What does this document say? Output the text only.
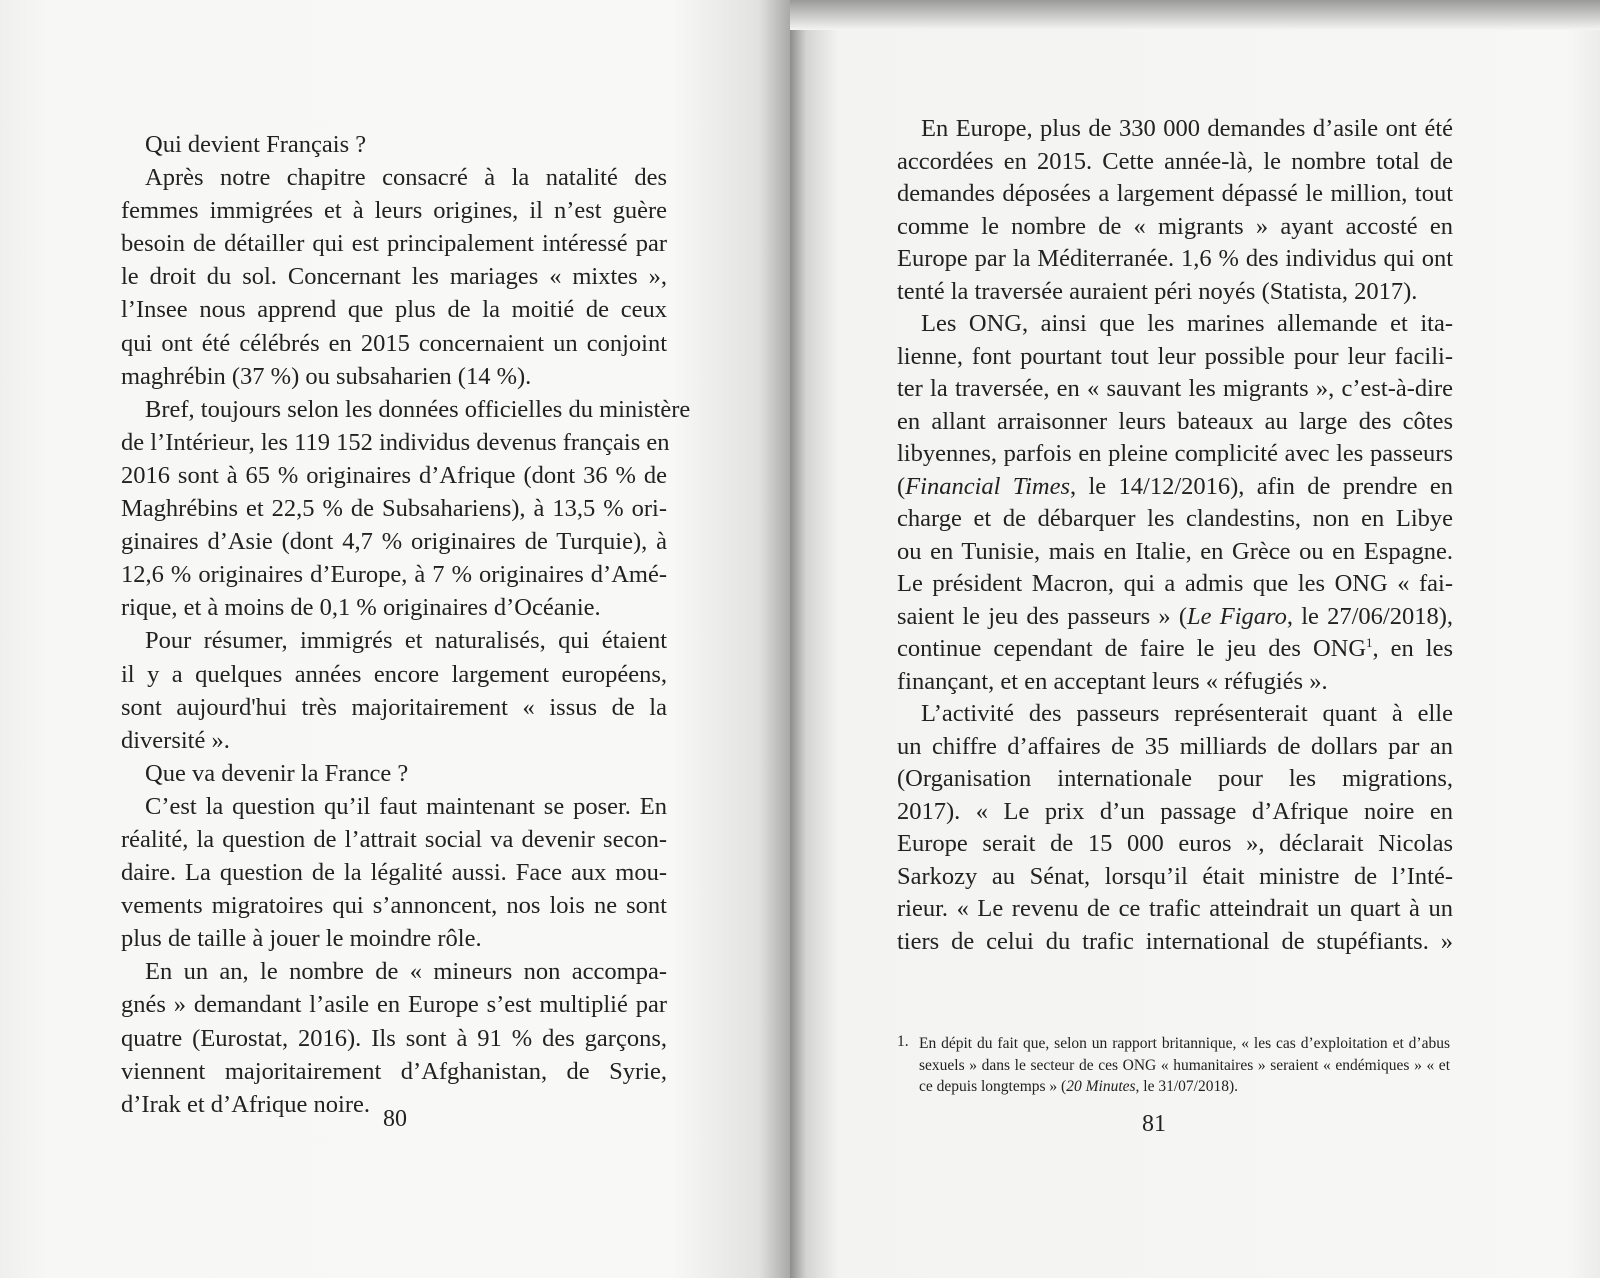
Qui devient Français ?
Après notre chapitre consacré à la natalité des
femmes immigrées et à leurs origines, il n’est guère
besoin de détailler qui est principalement intéressé par
le droit du sol. Concernant les mariages « mixtes »,
l’Insee nous apprend que plus de la moitié de ceux
qui ont été célébrés en 2015 concernaient un conjoint
maghrébin (37 %) ou subsaharien (14 %).
Bref, toujours selon les données officielles du ministère
de l’Intérieur, les 119 152 individus devenus français en
2016 sont à 65 % originaires d’Afrique (dont 36 % de
Maghrébins et 22,5 % de Subsahariens), à 13,5 % ori-
ginaires d’Asie (dont 4,7 % originaires de Turquie), à
12,6 % originaires d’Europe, à 7 % originaires d’Amé-
rique, et à moins de 0,1 % originaires d’Océanie.
Pour résumer, immigrés et naturalisés, qui étaient
il y a quelques années encore largement européens,
sont aujourd'hui très majoritairement « issus de la
diversité ».
Que va devenir la France ?
C’est la question qu’il faut maintenant se poser. En
réalité, la question de l’attrait social va devenir secon-
daire. La question de la légalité aussi. Face aux mou-
vements migratoires qui s’annoncent, nos lois ne sont
plus de taille à jouer le moindre rôle.
En un an, le nombre de « mineurs non accompa-
gnés » demandant l’asile en Europe s’est multiplié par
quatre (Eurostat, 2016). Ils sont à 91 % des garçons,
viennent majoritairement d’Afghanistan, de Syrie,
d’Irak et d’Afrique noire.
80
En Europe, plus de 330 000 demandes d’asile ont été
accordées en 2015. Cette année-là, le nombre total de
demandes déposées a largement dépassé le million, tout
comme le nombre de « migrants » ayant accosté en
Europe par la Méditerranée. 1,6 % des individus qui ont
tenté la traversée auraient péri noyés (Statista, 2017).
Les ONG, ainsi que les marines allemande et ita-
lienne, font pourtant tout leur possible pour leur facili-
ter la traversée, en « sauvant les migrants », c’est-à-dire
en allant arraisonner leurs bateaux au large des côtes
libyennes, parfois en pleine complicité avec les passeurs
(Financial Times, le 14/12/2016), afin de prendre en
charge et de débarquer les clandestins, non en Libye
ou en Tunisie, mais en Italie, en Grèce ou en Espagne.
Le président Macron, qui a admis que les ONG « fai-
saient le jeu des passeurs » (Le Figaro, le 27/06/2018),
continue cependant de faire le jeu des ONG$^1$, en les
finançant, et en acceptant leurs « réfugiés ».
L’activité des passeurs représenterait quant à elle
un chiffre d’affaires de 35 milliards de dollars par an
(Organisation internationale pour les migrations,
2017). « Le prix d’un passage d’Afrique noire en
Europe serait de 15 000 euros », déclarait Nicolas
Sarkozy au Sénat, lorsqu’il était ministre de l’Inté-
rieur. « Le revenu de ce trafic atteindrait un quart à un
tiers de celui du trafic international de stupéfiants. »
1. En dépit du fait que, selon un rapport britannique, « les cas d’exploitation et d’abus
sexuels » dans le secteur de ces ONG « humanitaires » seraient « endémiques » « et
ce depuis longtemps » (20 Minutes, le 31/07/2018).
81
